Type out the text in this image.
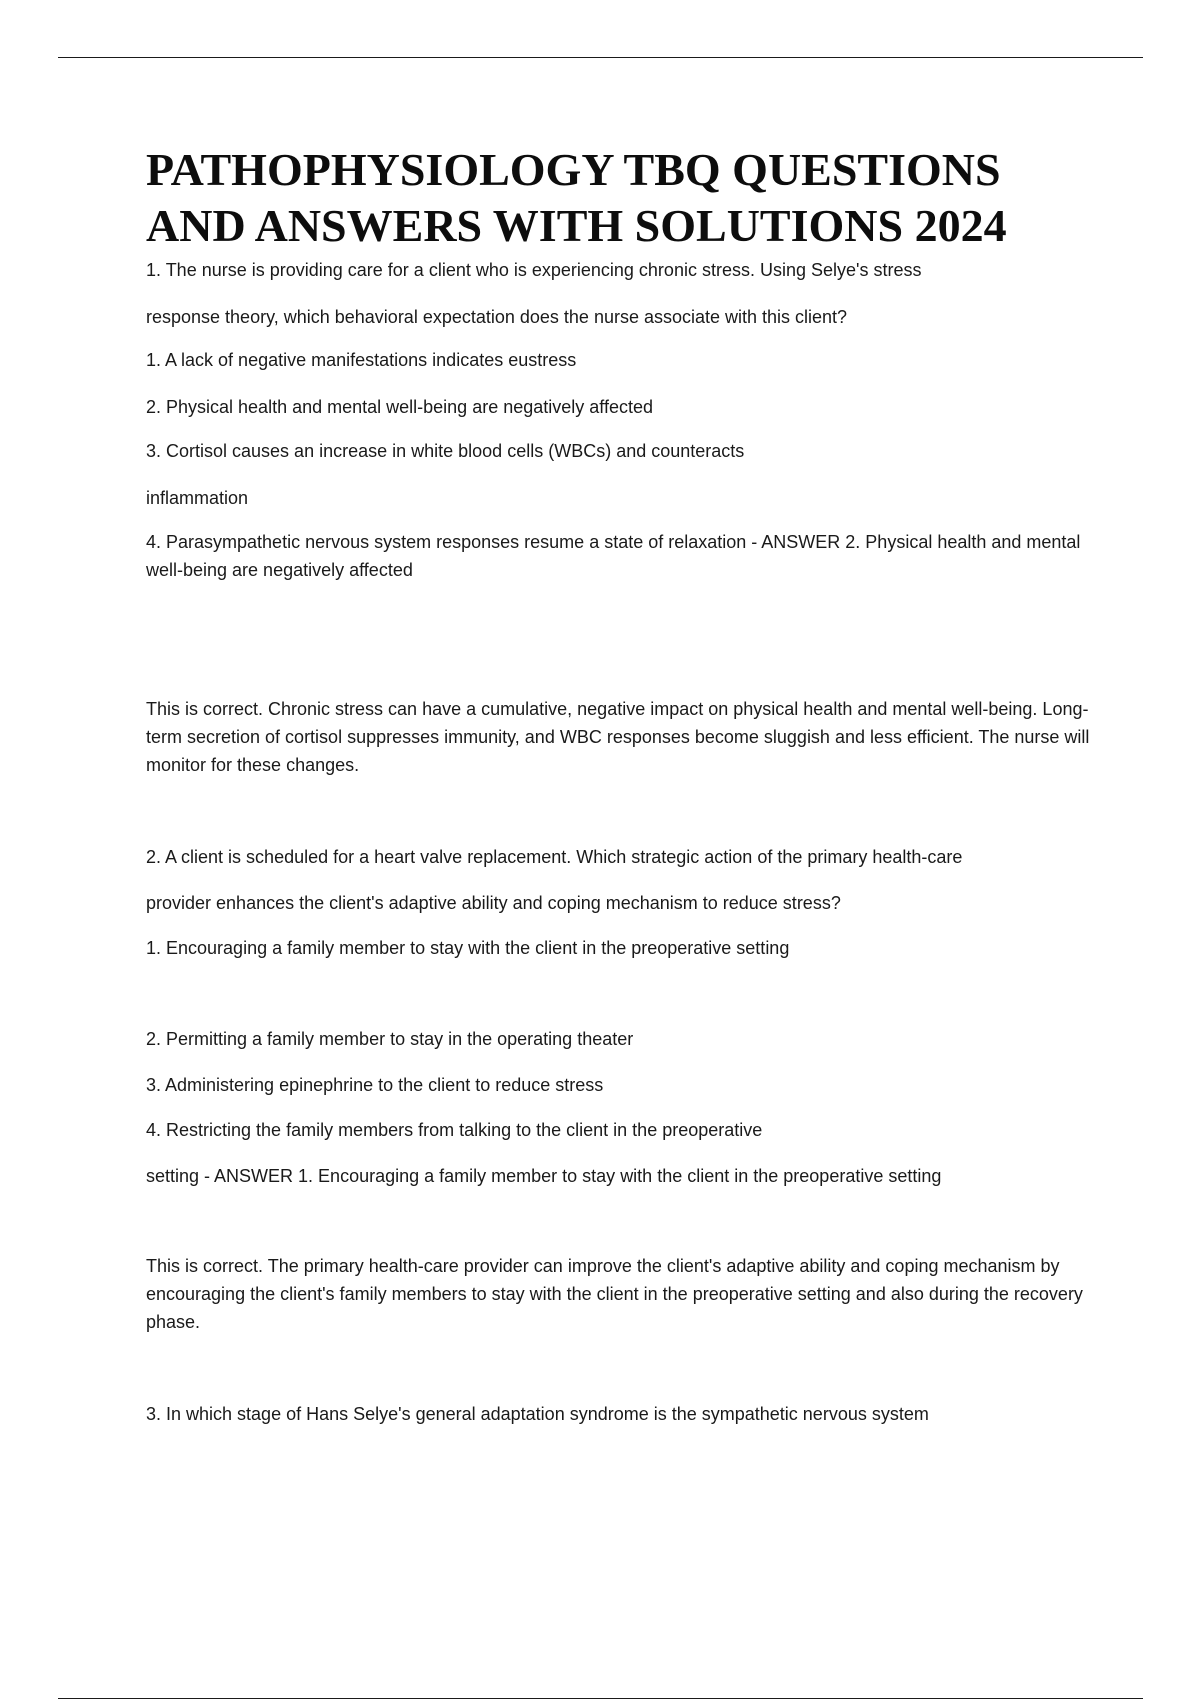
PATHOPHYSIOLOGY TBQ QUESTIONS
AND ANSWERS WITH SOLUTIONS 2024

1. The nurse is providing care for a client who is experiencing chronic stress. Using Selye's stress

response theory, which behavioral expectation does the nurse associate with this client?

1. A lack of negative manifestations indicates eustress

2. Physical health and mental well-being are negatively affected

3. Cortisol causes an increase in white blood cells (WBCs) and counteracts

inflammation

4. Parasympathetic nervous system responses resume a state of relaxation - ANSWER 2. Physical health and mental well-being are negatively affected

This is correct. Chronic stress can have a cumulative, negative impact on physical health and mental well-being. Long-term secretion of cortisol suppresses immunity, and WBC responses become sluggish and less efficient. The nurse will monitor for these changes.

2. A client is scheduled for a heart valve replacement. Which strategic action of the primary health-care

provider enhances the client's adaptive ability and coping mechanism to reduce stress?

1. Encouraging a family member to stay with the client in the preoperative setting

2. Permitting a family member to stay in the operating theater

3. Administering epinephrine to the client to reduce stress

4. Restricting the family members from talking to the client in the preoperative

setting - ANSWER 1. Encouraging a family member to stay with the client in the preoperative setting

This is correct. The primary health-care provider can improve the client's adaptive ability and coping mechanism by encouraging the client's family members to stay with the client in the preoperative setting and also during the recovery phase.

3. In which stage of Hans Selye's general adaptation syndrome is the sympathetic nervous system
